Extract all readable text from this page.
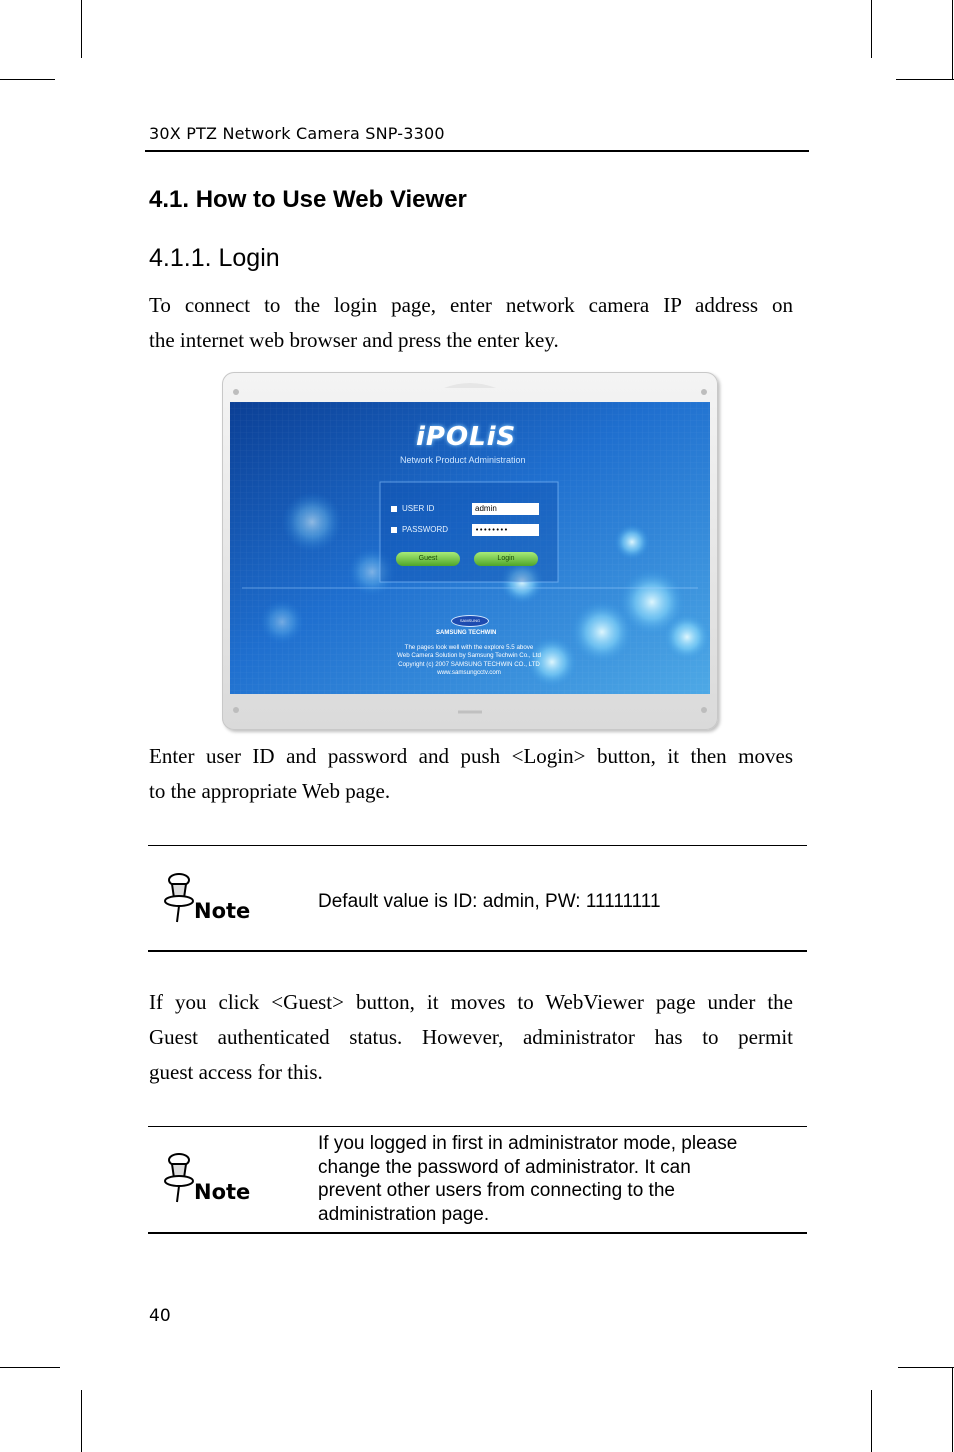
30X PTZ Network Camera SNP-3300
4.1. How to Use Web Viewer
4.1.1. Login
To connect to the login page, enter network camera IP address on
the internet web browser and press the enter key.
iPOLiS
Network Product Administration
USER ID	admin
PASSWORD	••••••••
Guest	Login
SAMSUNG
SAMSUNG TECHWIN
The pages look well with the explore 5.5 above
Web Camera Solution by Samsung Techwin Co., Ltd
Copyright (c) 2007 SAMSUNG TECHWIN CO., LTD
www.samsungcctv.com
Enter user ID and password and push <Login> button, it then moves
to the appropriate Web page.
Note	Default value is ID: admin, PW: 11111111
If you click <Guest> button, it moves to WebViewer page under the
Guest authenticated status. However, administrator has to permit
guest access for this.
Note
If you logged in first in administrator mode, please
change the password of administrator. It can
prevent other users from connecting to the
administration page.
40
